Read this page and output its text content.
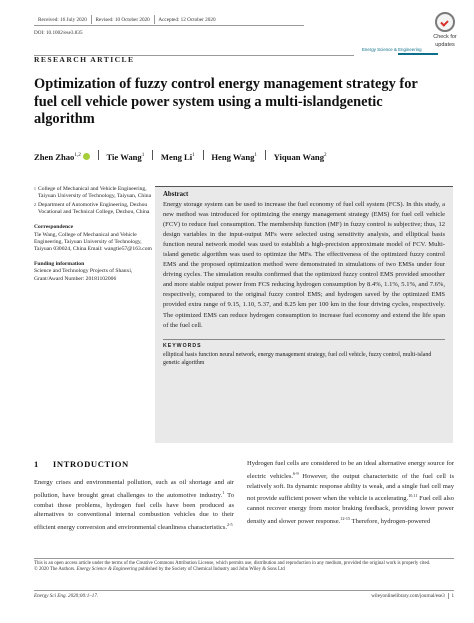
Received: 16 July 2020	Revised: 10 October 2020	Accepted: 12 October 2020
DOI: 10.1002/ese3.835
Check for
updates
Energy Science & Engineering
RESEARCH ARTICLE
Optimization of fuzzy control energy management strategy for fuel cell vehicle power system using a multi-islandgenetic algorithm
Zhen Zhao$^{1,2}$	Tie Wang$^1$ Meng Li$^1$ Heng Wang$^1$ Yiquan Wang$^2$
1 College of Mechanical and Vehicle Engineering, Taiyuan University of Technology, Taiyuan, China
2 Department of Automotive Engineering, Dezhou Vocational and Technical College, Dezhou, China
Correspondence
Tie Wang, College of Mechanical and Vehicle Engineering, Taiyuan University of Technology, Taiyuan 030024, China Email: wangtie57@163.com
Funding information
Science and Technology Projects of Shanxi, Grant/Award Number: 20181102006
Abstract
Energy storage system can be used to increase the fuel economy of fuel cell system (FCS). In this study, a new method was introduced for optimizing the energy management strategy (EMS) for fuel cell vehicle (FCV) to reduce fuel consumption. The membership function (MF) in fuzzy control is subjective; thus, 12 design variables in the input-output MFs were selected using sensitivity analysis, and elliptical basis function neural network model was used to establish a high-precision approximate model of FCV. Multi-island genetic algorithm was used to optimize the MFs. The effectiveness of the optimized fuzzy control EMS and the proposed optimization method were demonstrated in simulations of two EMSs under four driving cycles. The simulation results confirmed that the optimized fuzzy control EMS provided smoother and more stable output power from FCS reducing hydrogen consumption by 8.4%, 1.1%, 5.1%, and 7.6%, respectively, compared to the original fuzzy control EMS; and hydrogen saved by the optimized EMS provided extra range of 9.15, 1.10, 5.37, and 8.25 km per 100 km in the four driving cycles, respectively. The optimized EMS can reduce hydrogen consumption to increase fuel economy and extend the life span of the fuel cell.
KEYWORDS
elliptical basis function neural network, energy management strategy, fuel cell vehicle, fuzzy control, multi-island genetic algorithm
1 INTRODUCTION
Energy crises and environmental pollution, such as oil shortage and air pollution, have brought great challenges to the automotive industry.$^1$ To combat those problems, hydrogen fuel cells have been produced as alternatives to conventional internal combustion vehicles due to their efficient energy conversion and environmental cleanliness characteristics.$^{2-5}$
Hydrogen fuel cells are considered to be an ideal alternative energy source for electric vehicles.$^{6-9}$ However, the output characteristic of the fuel cell is relatively soft. Its dynamic response ability is weak, and a single fuel cell may not provide sufficient power when the vehicle is accelerating.$^{10,11}$ Fuel cell also cannot recover energy from motor braking feedback, providing lower power density and slower power response.$^{12-15}$ Therefore, hydrogen-powered
This is an open access article under the terms of the Creative Commons Attribution License, which permits use, distribution and reproduction in any medium, provided the original work is properly cited.
© 2020 The Authors. Energy Science & Engineering published by the Society of Chemical Industry and John Wiley & Sons Ltd
Energy Sci Eng. 2020;00:1–17.	wileyonlinelibrary.com/journal/ese3 1
